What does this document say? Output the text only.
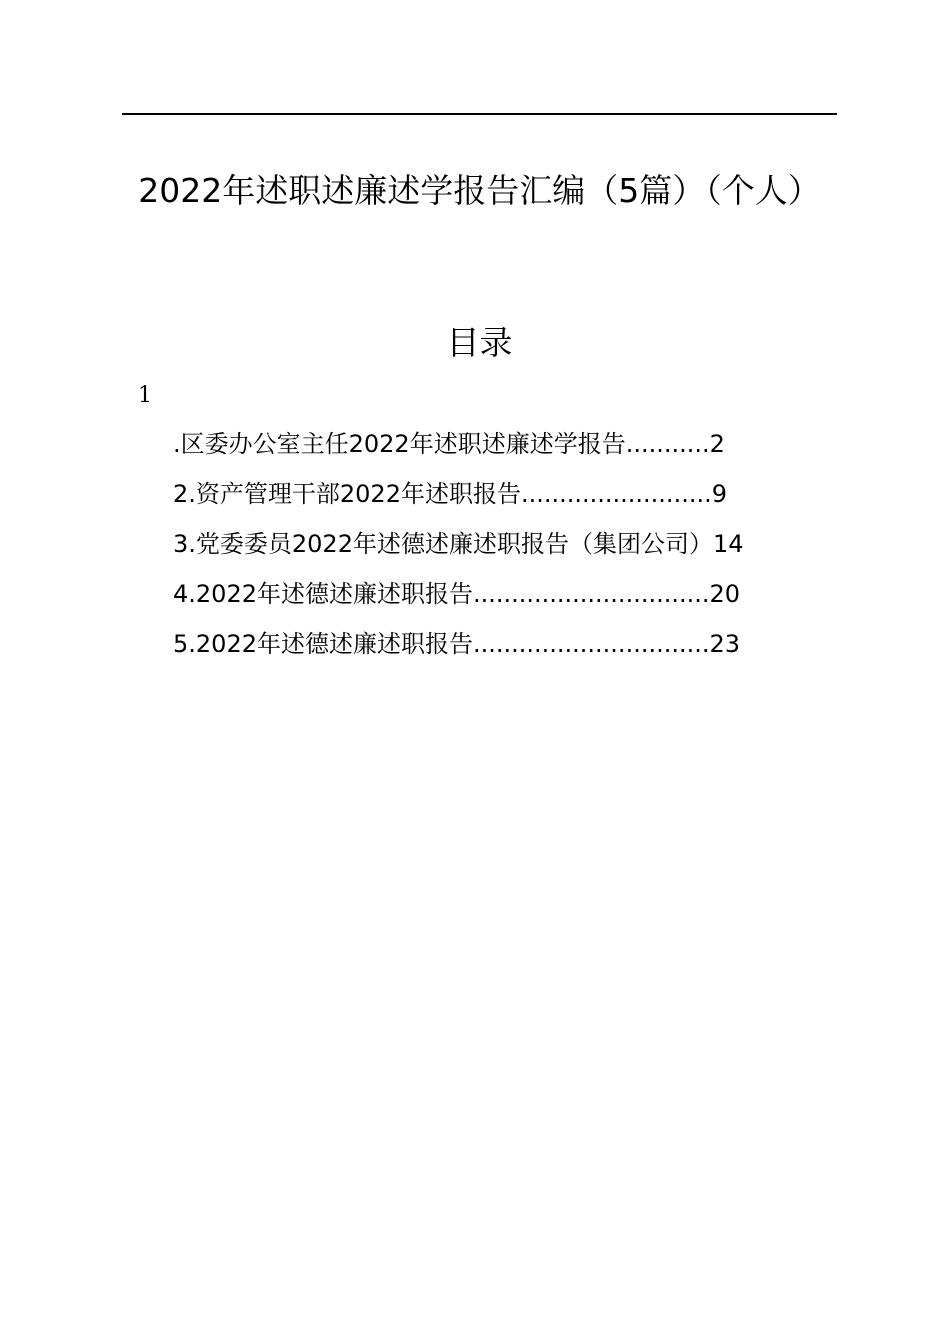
2022年述职述廉述学报告汇编（5篇）（个人）
目录
1
.区委办公室主任2022年述职述廉述学报告...........2
2.资产管理干部2022年述职报告.........................9
3.党委委员2022年述德述廉述职报告（集团公司）14
4.2022年述德述廉述职报告...............................20
5.2022年述德述廉述职报告...............................23
